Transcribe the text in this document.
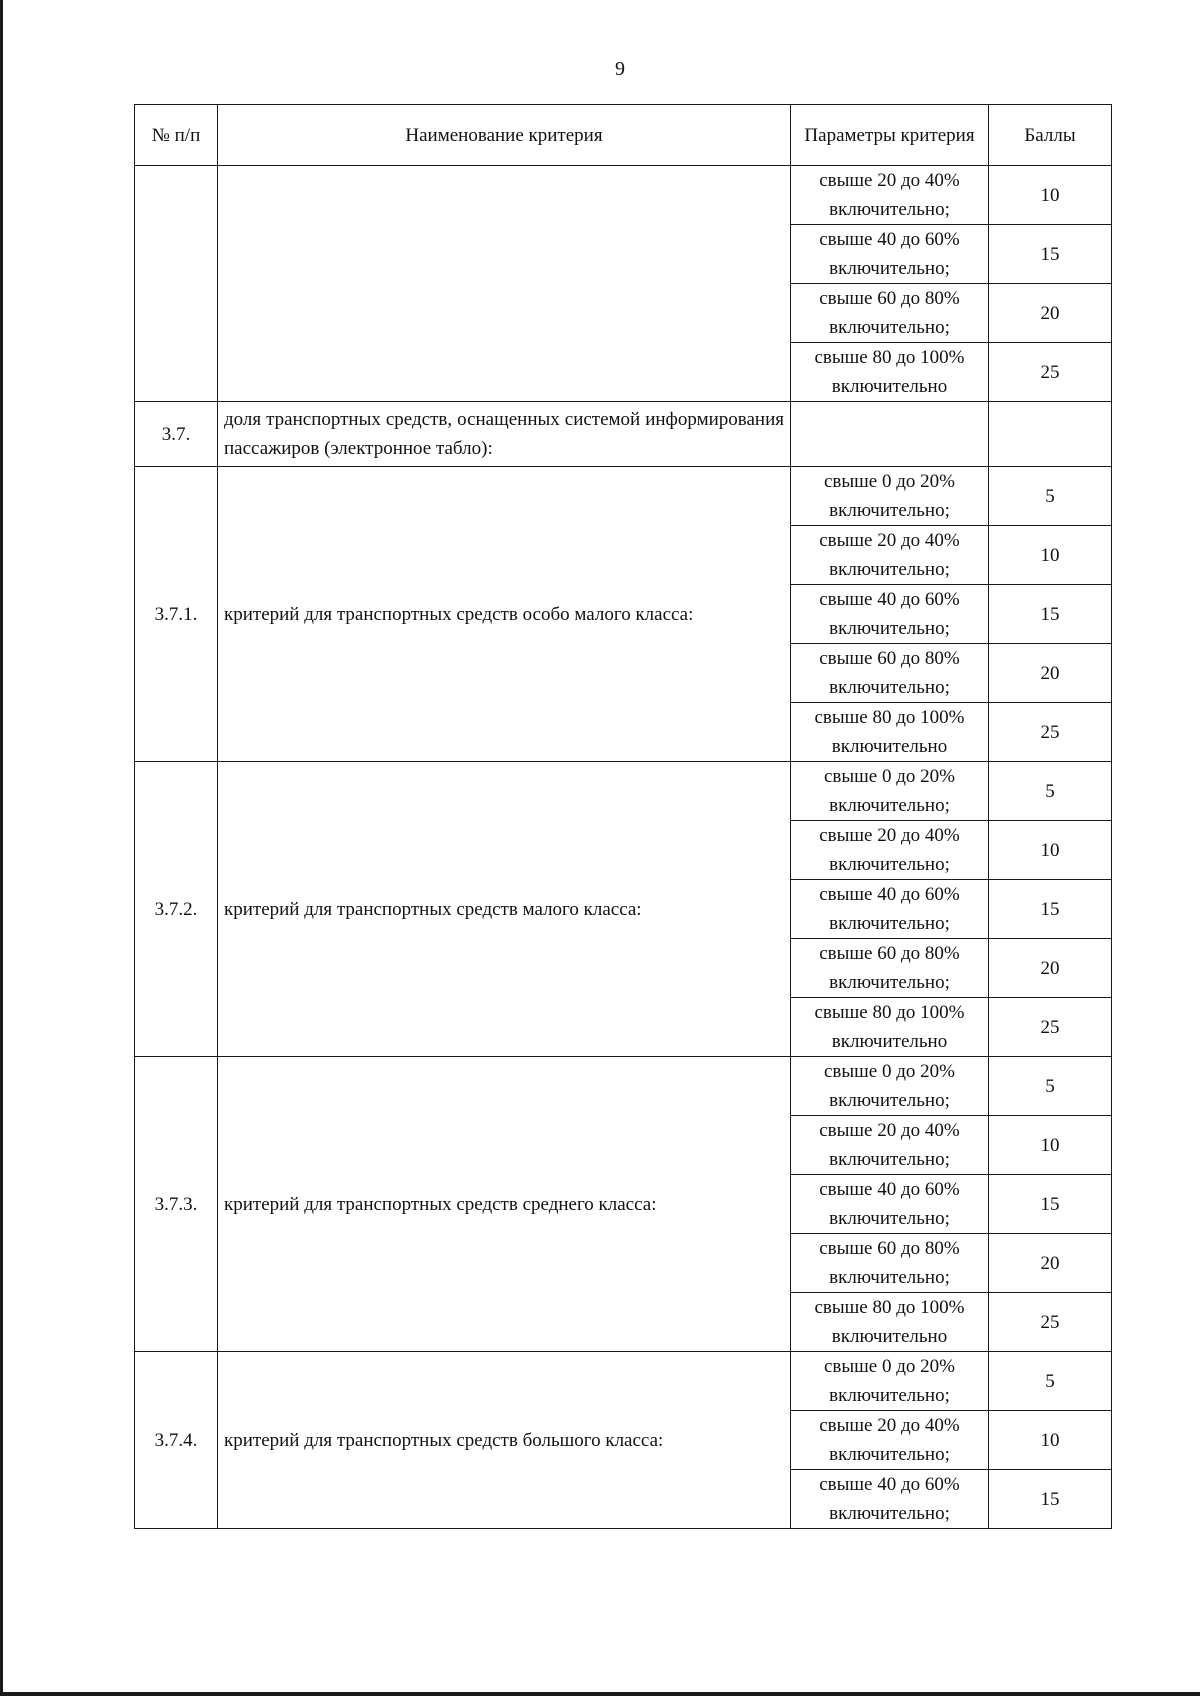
9
№ п/п	Наименование критерия	Параметры критерия	Баллы
		свыше 20 до 40% включительно;	10
		свыше 40 до 60% включительно;	15
		свыше 60 до 80% включительно;	20
		свыше 80 до 100% включительно	25
3.7.	доля транспортных средств, оснащенных системой информирования пассажиров (электронное табло):		
3.7.1.	критерий для транспортных средств особо малого класса:	свыше 0 до 20% включительно;	5
		свыше 20 до 40% включительно;	10
		свыше 40 до 60% включительно;	15
		свыше 60 до 80% включительно;	20
		свыше 80 до 100% включительно	25
3.7.2.	критерий для транспортных средств малого класса:	свыше 0 до 20% включительно;	5
		свыше 20 до 40% включительно;	10
		свыше 40 до 60% включительно;	15
		свыше 60 до 80% включительно;	20
		свыше 80 до 100% включительно	25
3.7.3.	критерий для транспортных средств среднего класса:	свыше 0 до 20% включительно;	5
		свыше 20 до 40% включительно;	10
		свыше 40 до 60% включительно;	15
		свыше 60 до 80% включительно;	20
		свыше 80 до 100% включительно	25
3.7.4.	критерий для транспортных средств большого класса:	свыше 0 до 20% включительно;	5
		свыше 20 до 40% включительно;	10
		свыше 40 до 60% включительно;	15
